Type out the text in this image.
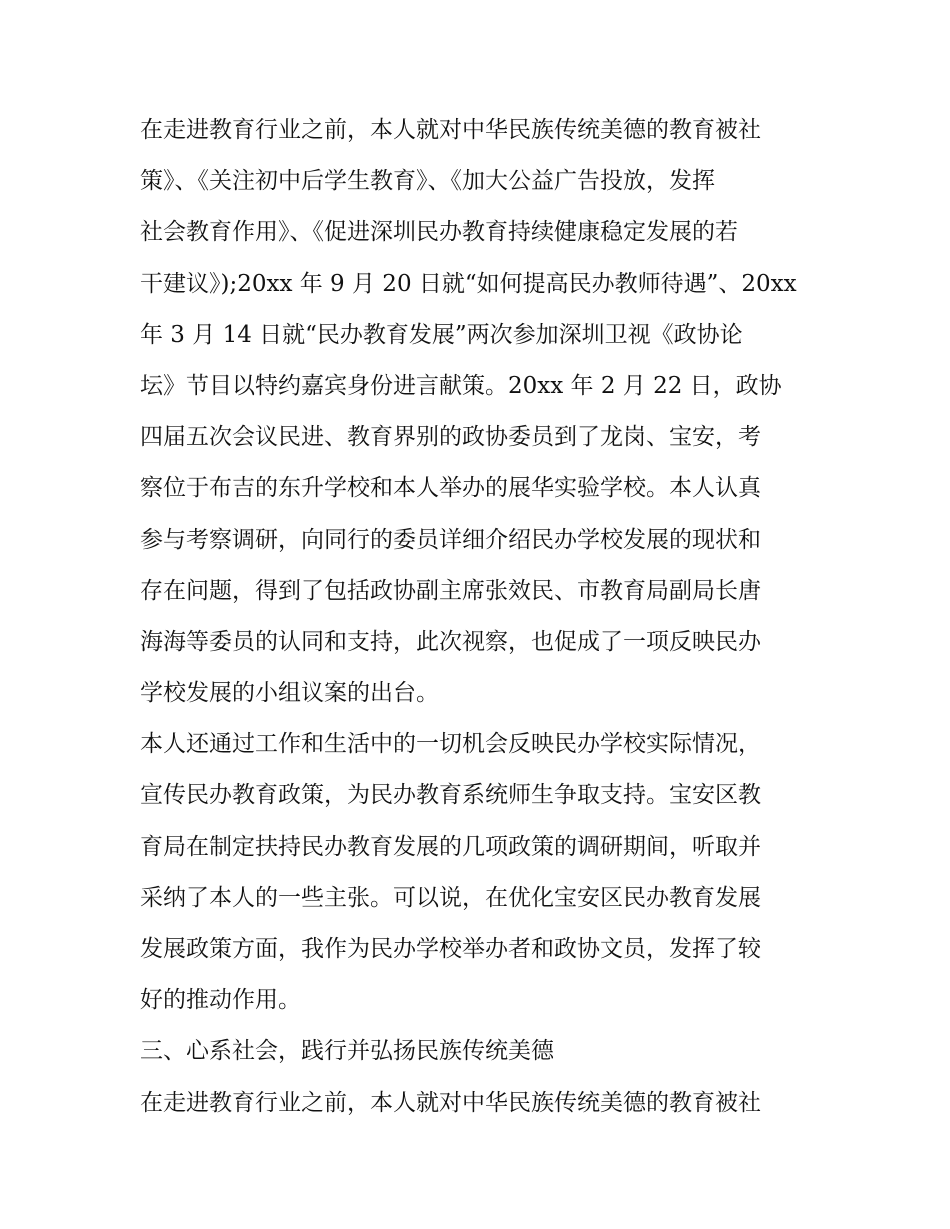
在走进教育行业之前，本人就对中华民族传统美德的教育被社
策》、《关注初中后学生教育》、《加大公益广告投放，发挥
社会教育作用》、《促进深圳民办教育持续健康稳定发展的若
干建议》);20xx 年 9 月 20 日就“如何提高民办教师待遇”、20xx
年 3 月 14 日就“民办教育发展”两次参加深圳卫视《政协论
坛》节目以特约嘉宾身份进言献策。20xx 年 2 月 22 日，政协
四届五次会议民进、教育界别的政协委员到了龙岗、宝安，考
察位于布吉的东升学校和本人举办的展华实验学校。本人认真
参与考察调研，向同行的委员详细介绍民办学校发展的现状和
存在问题，得到了包括政协副主席张效民、市教育局副局长唐
海海等委员的认同和支持，此次视察，也促成了一项反映民办
学校发展的小组议案的出台。
本人还通过工作和生活中的一切机会反映民办学校实际情况，
宣传民办教育政策，为民办教育系统师生争取支持。宝安区教
育局在制定扶持民办教育发展的几项政策的调研期间，听取并
采纳了本人的一些主张。可以说，在优化宝安区民办教育发展
发展政策方面，我作为民办学校举办者和政协文员，发挥了较
好的推动作用。
三、心系社会，践行并弘扬民族传统美德
在走进教育行业之前，本人就对中华民族传统美德的教育被社
